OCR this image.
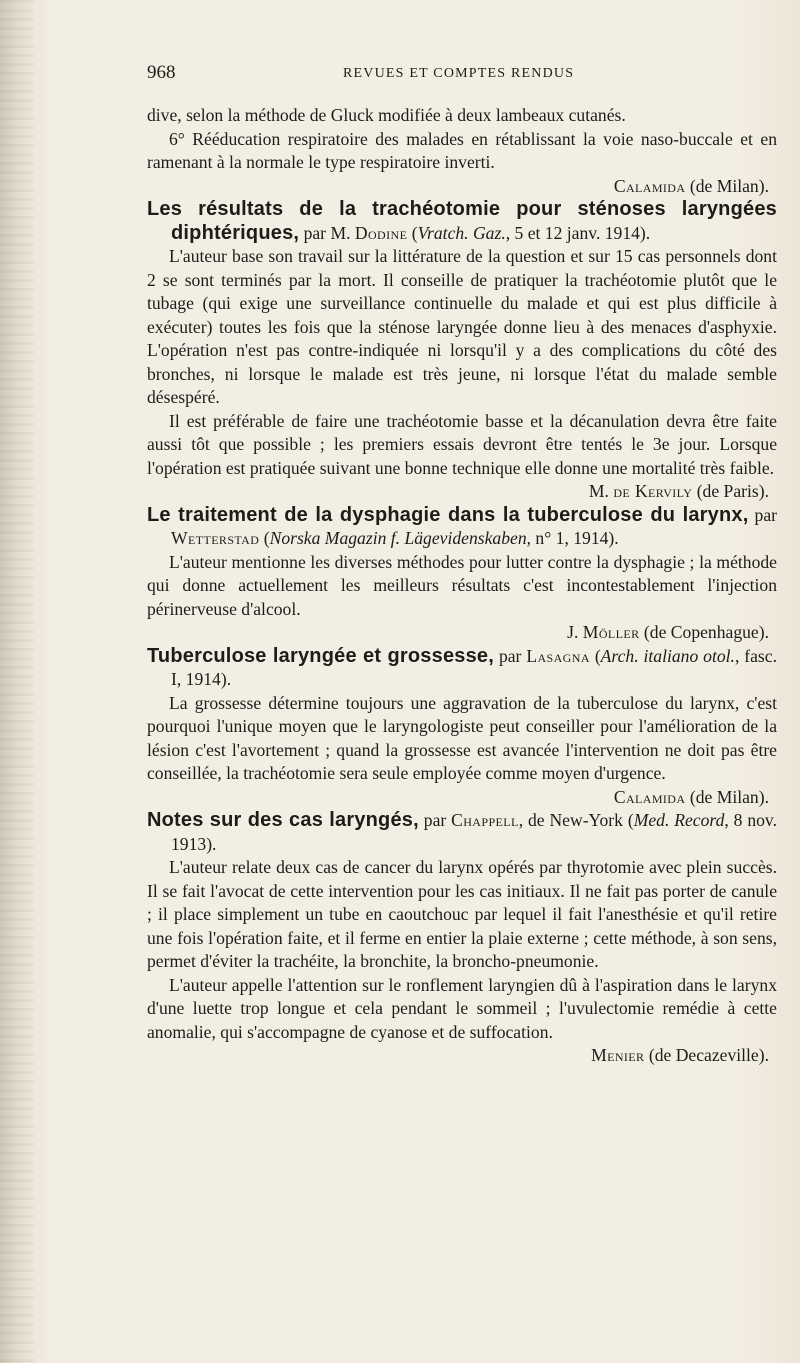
968	REVUES ET COMPTES RENDUS

dive, selon la méthode de Gluck modifiée à deux lambeaux cutanés.

6° Rééducation respiratoire des malades en rétablissant la voie naso-buccale et en ramenant à la normale le type respiratoire inverti.

Calamida (de Milan).

Les résultats de la trachéotomie pour sténoses laryngées diphtériques, par M. Dodine (Vratch. Gaz., 5 et 12 janv. 1914).

L'auteur base son travail sur la littérature de la question et sur 15 cas personnels dont 2 se sont terminés par la mort. Il conseille de pratiquer la trachéotomie plutôt que le tubage (qui exige une surveillance continuelle du malade et qui est plus difficile à exécuter) toutes les fois que la sténose laryngée donne lieu à des menaces d'asphyxie. L'opération n'est pas contre-indiquée ni lorsqu'il y a des complications du côté des bronches, ni lorsque le malade est très jeune, ni lorsque l'état du malade semble désespéré.

Il est préférable de faire une trachéotomie basse et la décanulation devra être faite aussi tôt que possible ; les premiers essais devront être tentés le 3e jour. Lorsque l'opération est pratiquée suivant une bonne technique elle donne une mortalité très faible.

M. de Kervily (de Paris).

Le traitement de la dysphagie dans la tuberculose du larynx, par Wetterstad (Norska Magazin f. Lägevidenskaben, n° 1, 1914).

L'auteur mentionne les diverses méthodes pour lutter contre la dysphagie ; la méthode qui donne actuellement les meilleurs résultats c'est incontestablement l'injection périnerveuse d'alcool.

J. Möller (de Copenhague).

Tuberculose laryngée et grossesse, par Lasagna (Arch. italiano otol., fasc. I, 1914).

La grossesse détermine toujours une aggravation de la tuberculose du larynx, c'est pourquoi l'unique moyen que le laryngologiste peut conseiller pour l'amélioration de la lésion c'est l'avortement ; quand la grossesse est avancée l'intervention ne doit pas être conseillée, la trachéotomie sera seule employée comme moyen d'urgence.

Calamida (de Milan).

Notes sur des cas laryngés, par Chappell, de New-York (Med. Record, 8 nov. 1913).

L'auteur relate deux cas de cancer du larynx opérés par thyrotomie avec plein succès. Il se fait l'avocat de cette intervention pour les cas initiaux. Il ne fait pas porter de canule ; il place simplement un tube en caoutchouc par lequel il fait l'anesthésie et qu'il retire une fois l'opération faite, et il ferme en entier la plaie externe ; cette méthode, à son sens, permet d'éviter la trachéite, la bronchite, la broncho-pneumonie.

L'auteur appelle l'attention sur le ronflement laryngien dû à l'aspiration dans le larynx d'une luette trop longue et cela pendant le sommeil ; l'uvulectomie remédie à cette anomalie, qui s'accompagne de cyanose et de suffocation.

Menier (de Decazeville).
